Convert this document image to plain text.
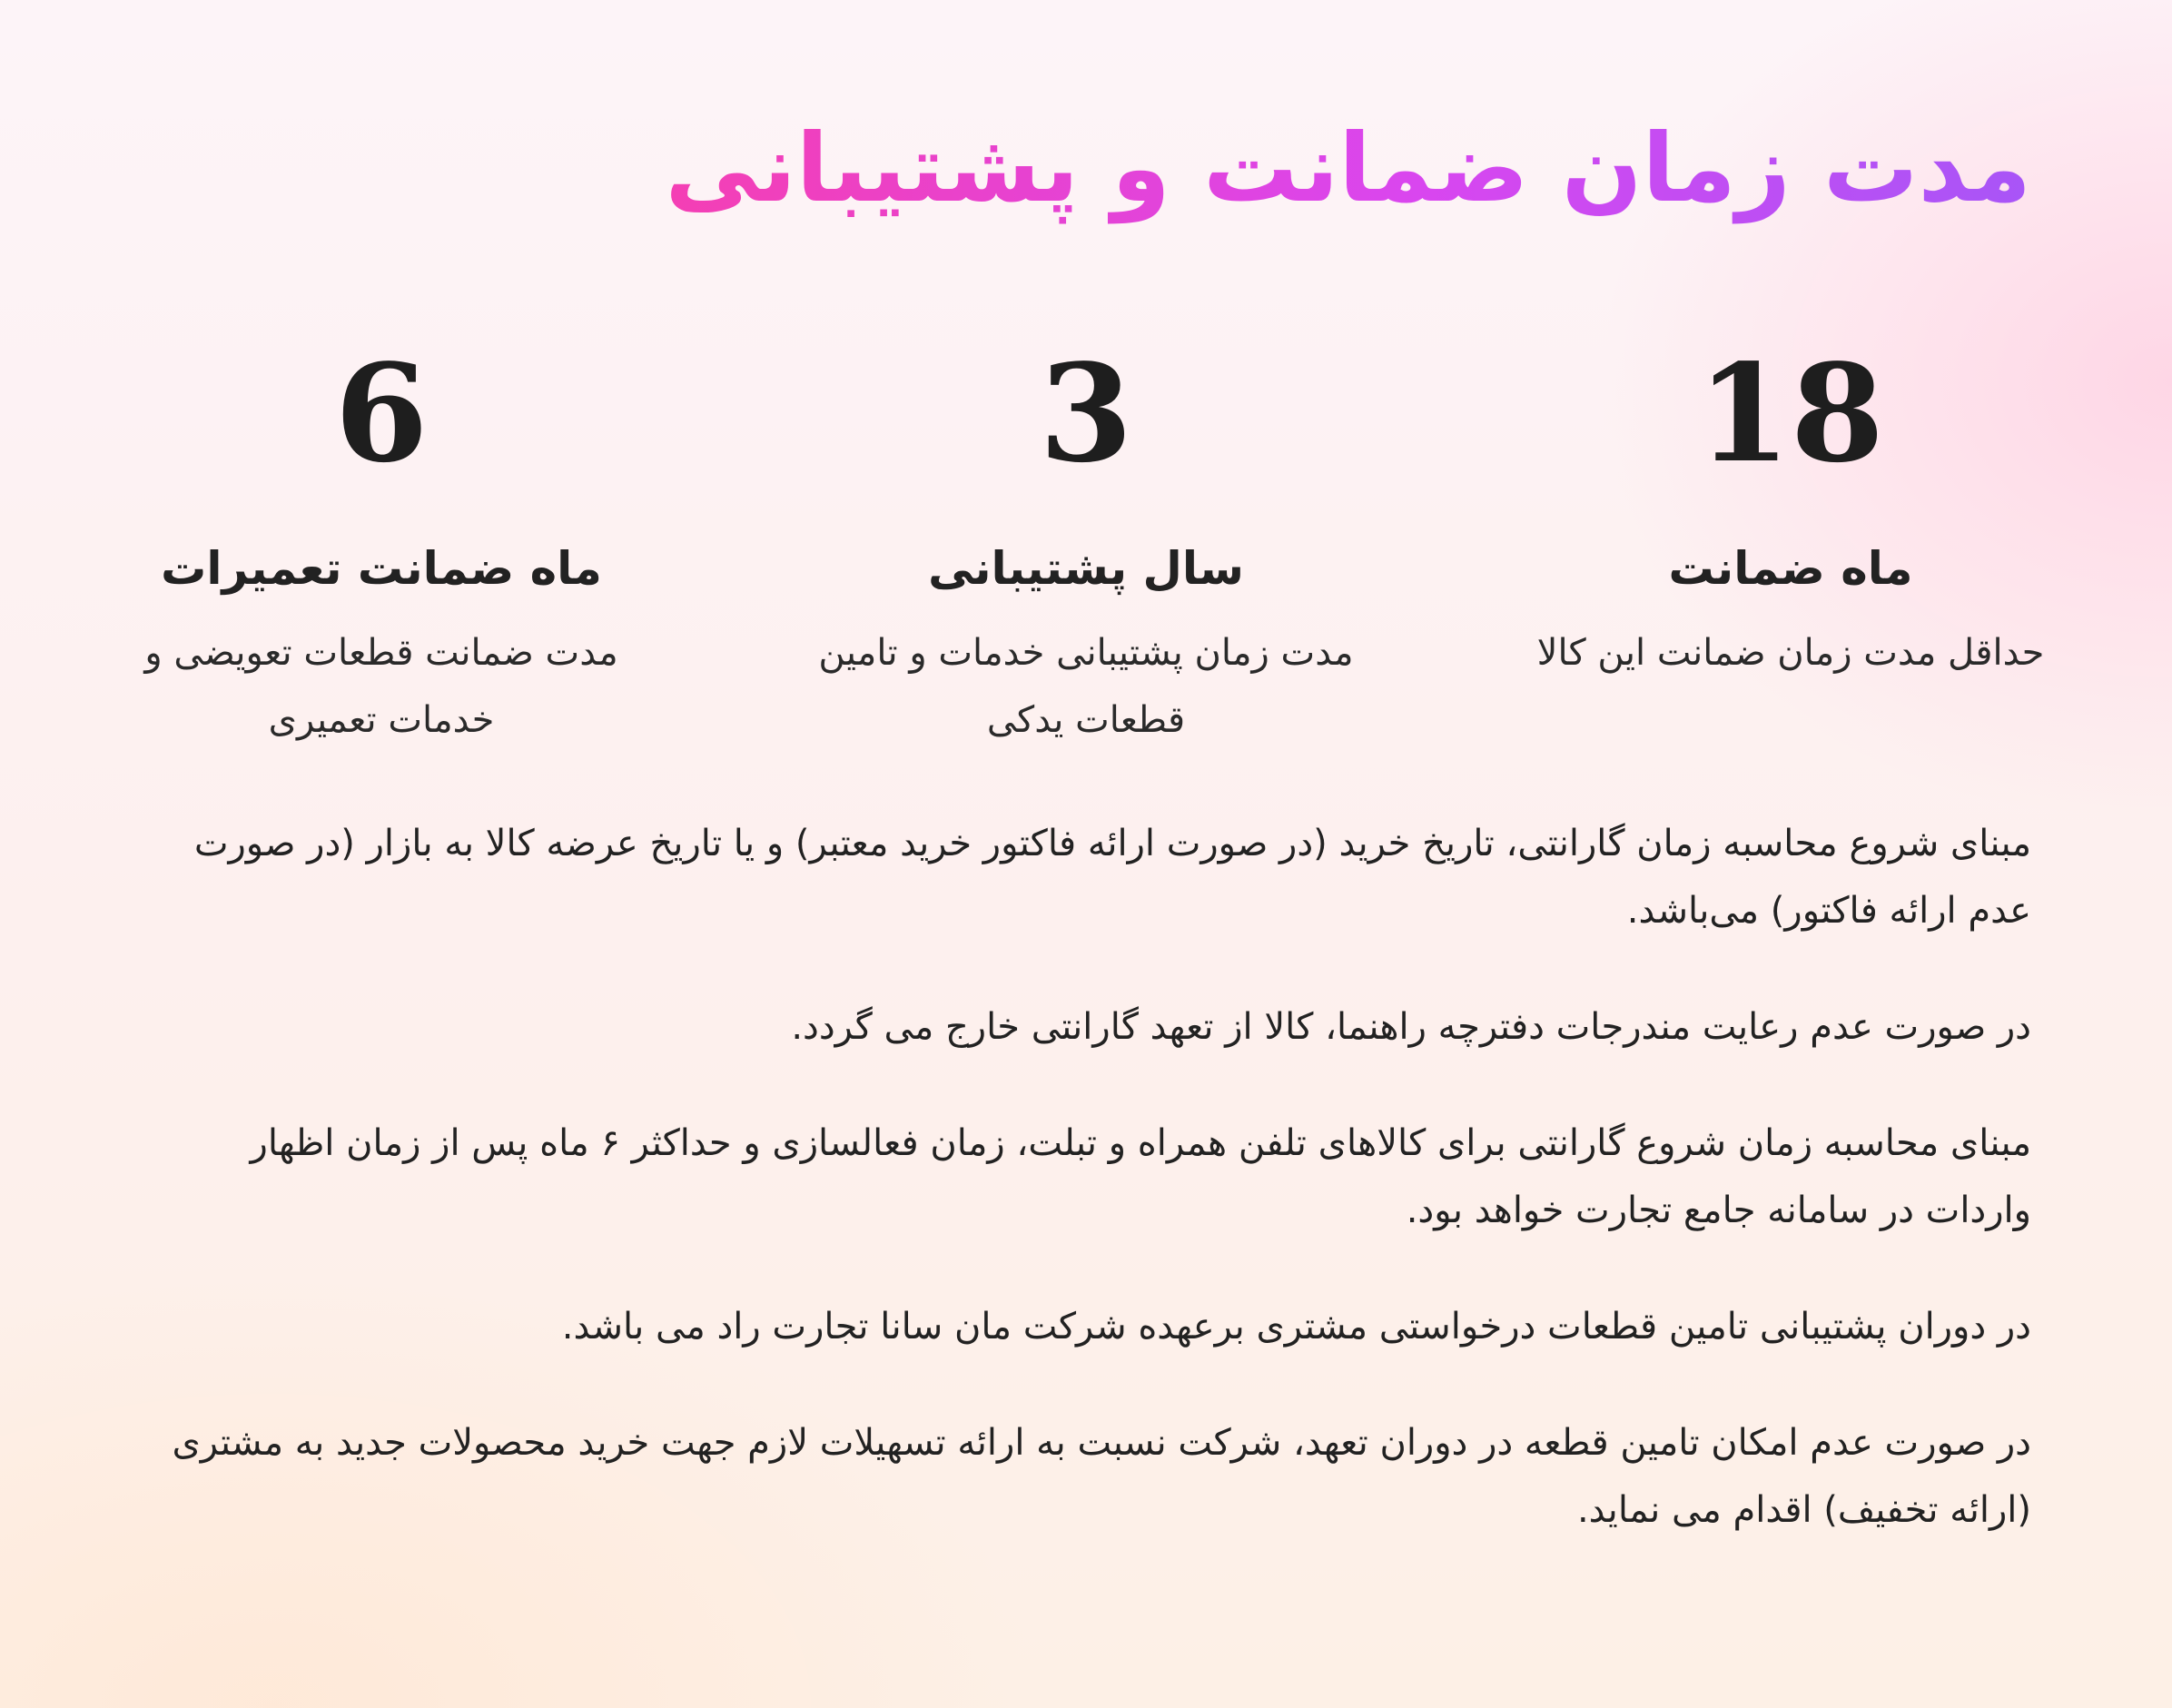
مدت زمان ضمانت و پشتیبانی
18
ماه ضمانت
حداقل مدت زمان ضمانت این کالا
3
سال پشتیبانی
مدت زمان پشتیبانی خدمات و تامین قطعات یدکی
6
ماه ضمانت تعمیرات
مدت ضمانت قطعات تعویضی و خدمات تعمیری

مبنای شروع محاسبه زمان گارانتی، تاریخ خرید (در صورت ارائه فاکتور خرید معتبر) و یا تاریخ عرضه کالا به بازار (در صورت عدم ارائه فاکتور) می‌باشد.

در صورت عدم رعایت مندرجات دفترچه راهنما، کالا از تعهد گارانتی خارج می گردد.

مبنای محاسبه زمان شروع گارانتی برای کالاهای تلفن همراه و تبلت، زمان فعالسازی و حداکثر ۶ ماه پس از زمان اظهار واردات در سامانه جامع تجارت خواهد بود.

در دوران پشتیبانی تامین قطعات درخواستی مشتری برعهده شرکت مان سانا تجارت راد می باشد.

در صورت عدم امکان تامین قطعه در دوران تعهد، شرکت نسبت به ارائه تسهیلات لازم جهت خرید محصولات جدید به مشتری (ارائه تخفیف) اقدام می نماید.
